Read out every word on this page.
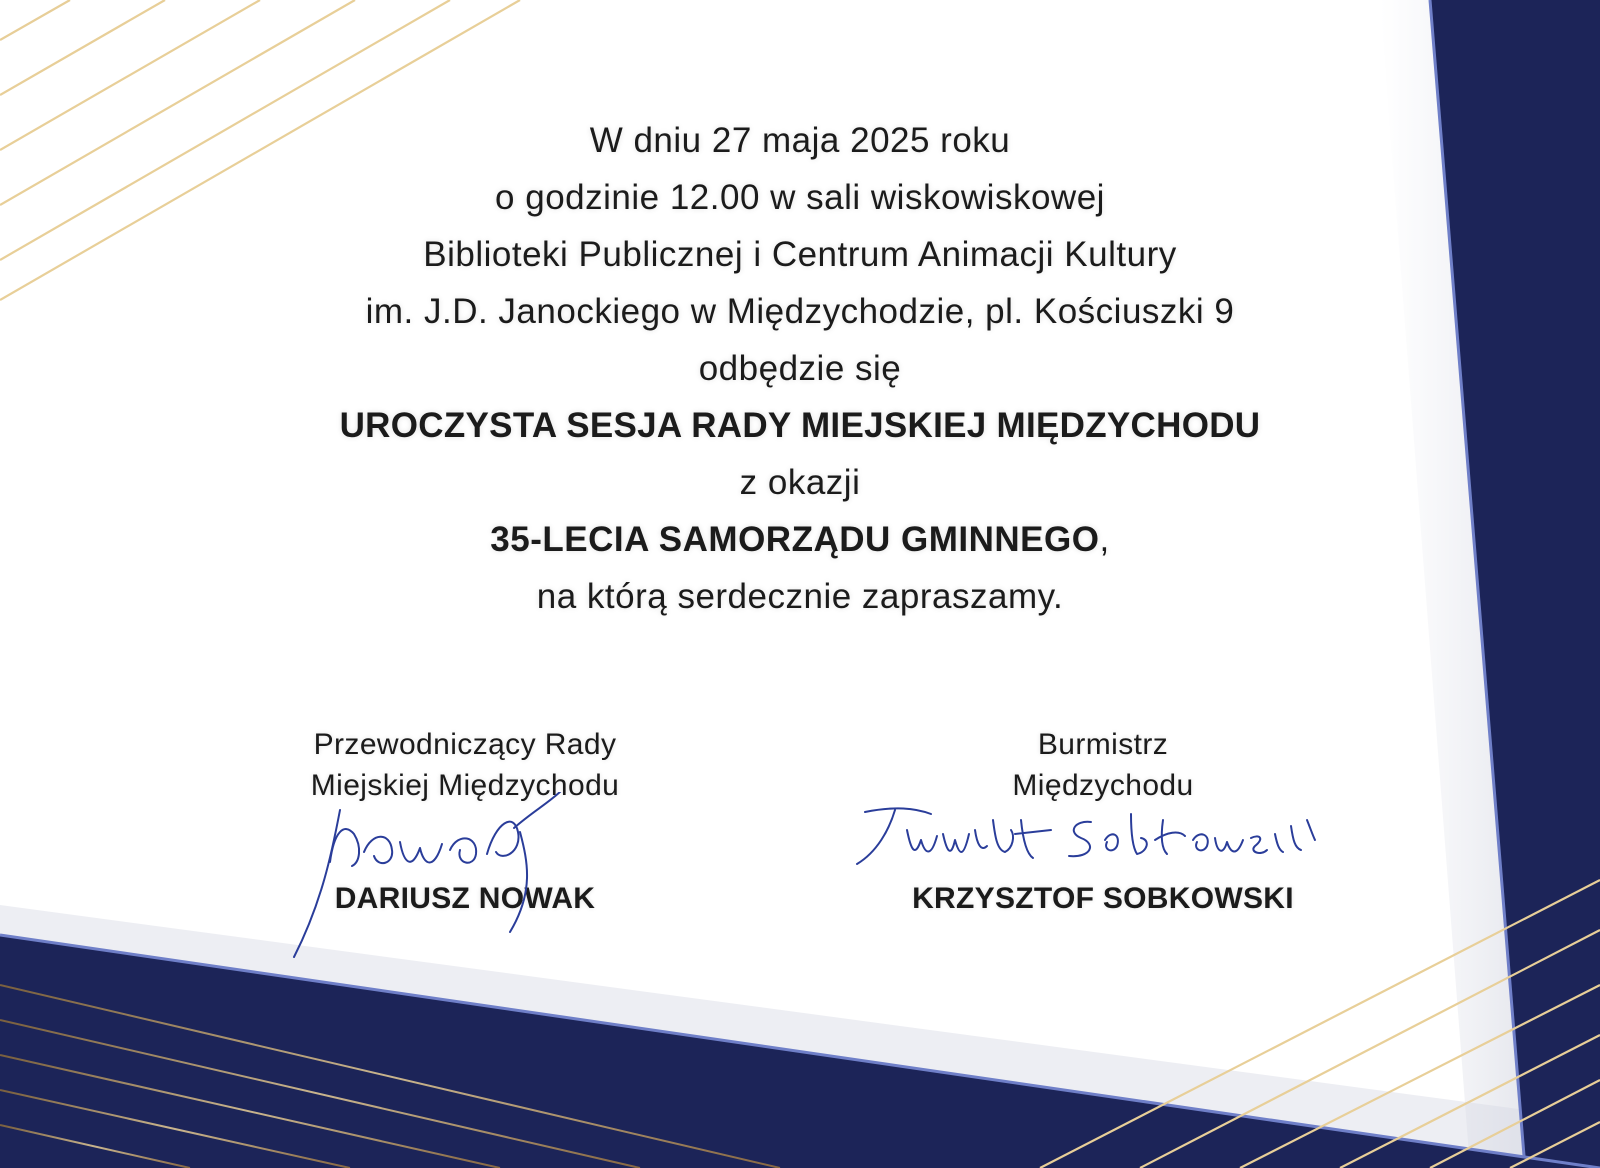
W dniu 27 maja 2025 roku
o godzinie 12.00 w sali wiskowiskowej
Biblioteki Publicznej i Centrum Animacji Kultury
im. J.D. Janockiego w Międzychodzie, pl. Kościuszki 9
odbędzie się
UROCZYSTA SESJA RADY MIEJSKIEJ MIĘDZYCHODU
z okazji
35-LECIA SAMORZĄDU GMINNEGO,
na którą serdecznie zapraszamy.
Przewodniczący Rady
Miejskiej Międzychodu
DARIUSZ NOWAK
Burmistrz
Międzychodu
KRZYSZTOF SOBKOWSKI
